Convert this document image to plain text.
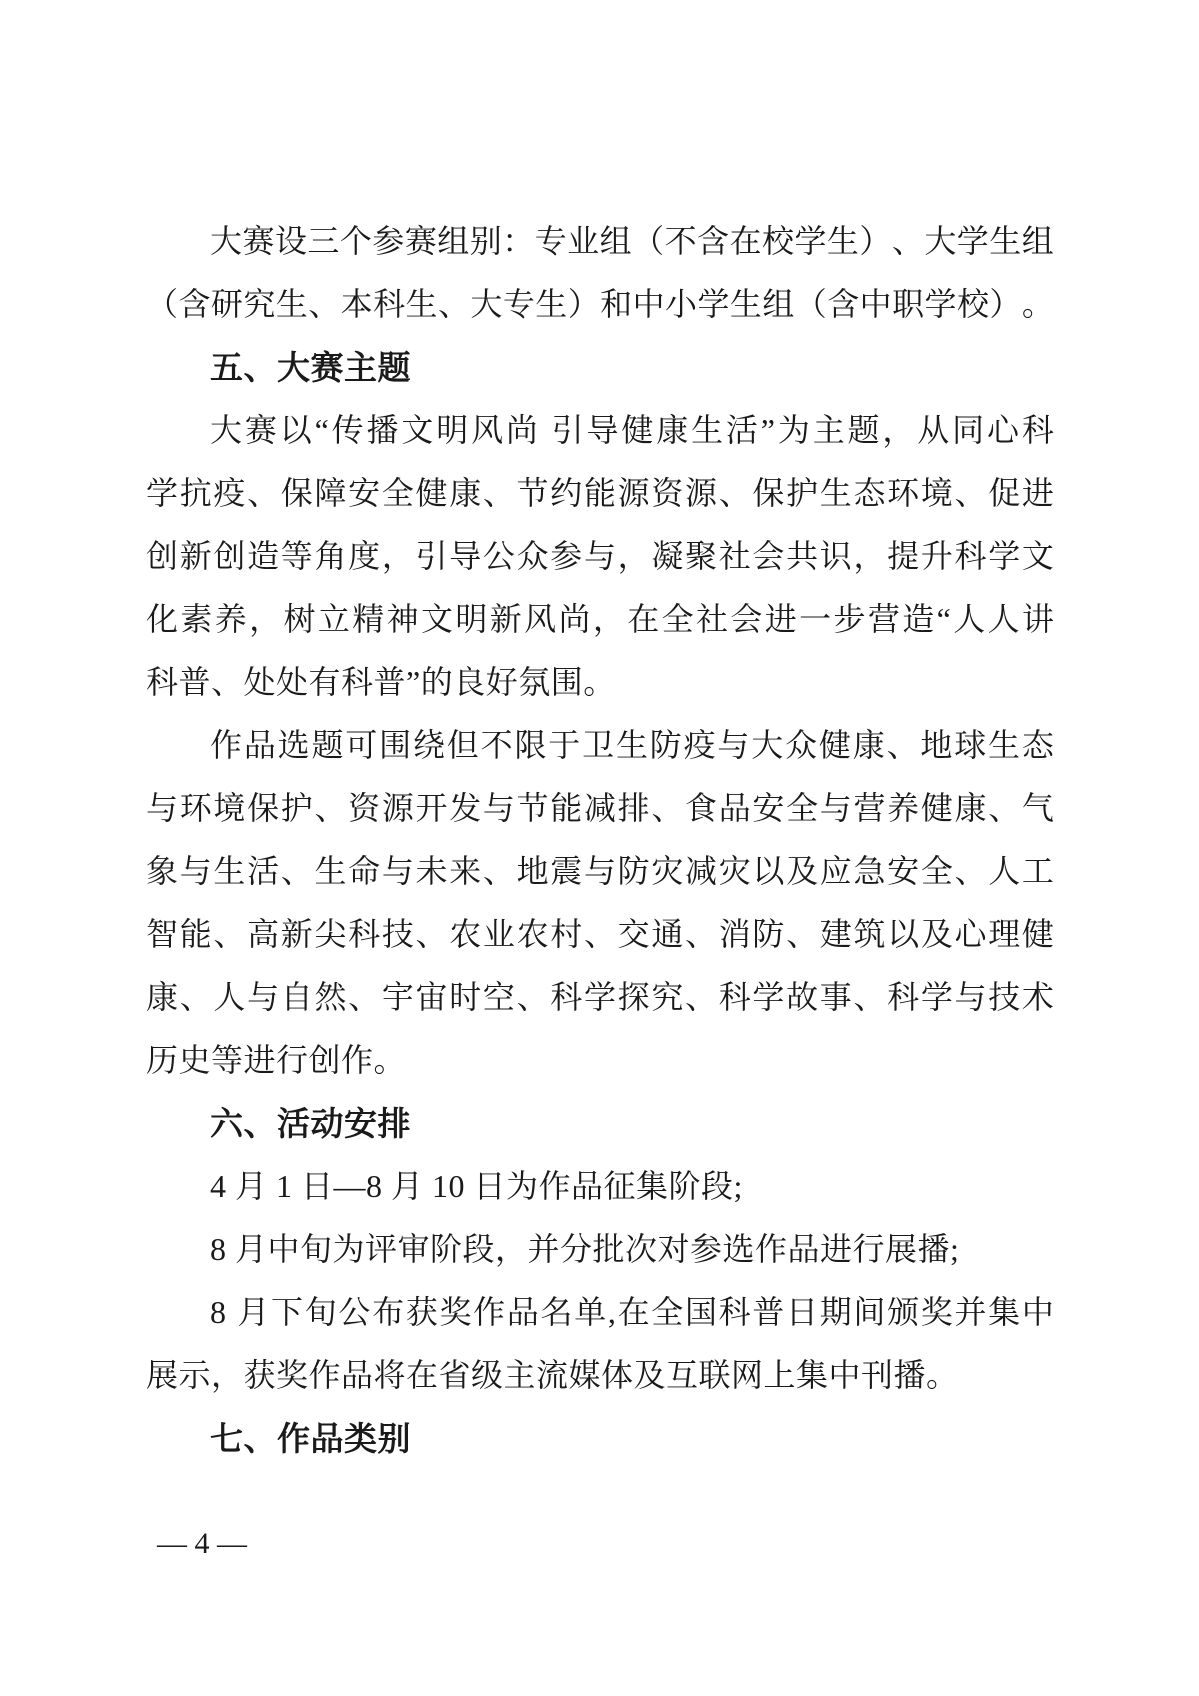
大 赛 设 三 个 参 赛 组 别 ： 专 业 组 （ 不 含 在 校 学 生 ） 、 大 学 生 组
（ 含 研 究 生 、 本 科 生 、 大 专 生 ） 和 中 小 学 生 组 （ 含 中 职 学 校 ） 。
五、大赛主题
大 赛 以 “ 传 播 文 明 风 尚
引 导 健 康 生 活 ” 为 主 题 ， 从 同 心 科
学 抗 疫 、 保 障 安 全 健 康 、 节 约 能 源 资 源 、 保 护 生 态 环 境 、 促 进
创 新 创 造 等 角 度 ， 引 导 公 众 参 与 ， 凝 聚 社 会 共 识 ， 提 升 科 学 文
化 素 养 ， 树 立 精 神 文 明 新 风 尚 ， 在 全 社 会 进 一 步 营 造 “ 人 人 讲
科普、处处有科普”的良好氛围。
作 品 选 题 可 围 绕 但 不 限 于 卫 生 防 疫 与 大 众 健 康 、 地 球 生 态
与 环 境 保 护 、 资 源 开 发 与 节 能 减 排 、 食 品 安 全 与 营 养 健 康 、 气
象 与 生 活 、 生 命 与 未 来 、 地 震 与 防 灾 减 灾 以 及 应 急 安 全 、 人 工
智 能 、 高 新 尖 科 技 、 农 业 农 村 、 交 通 、 消 防 、 建 筑 以 及 心 理 健
康 、 人 与 自 然 、 宇 宙 时 空 、 科 学 探 究 、 科 学 故 事 、 科 学 与 技 术
历史等进行创作。
六、活动安排
4 月 1 日—8 月 10 日为作品征集阶段;
8 月中旬为评审阶段，并分批次对参选作品进行展播;
8
月 下 旬 公 布 获 奖 作 品 名 单 , 在 全 国 科 普 日 期 间 颁 奖 并 集 中
展示，获奖作品将在省级主流媒体及互联网上集中刊播。
七、作品类别
— 4 —
